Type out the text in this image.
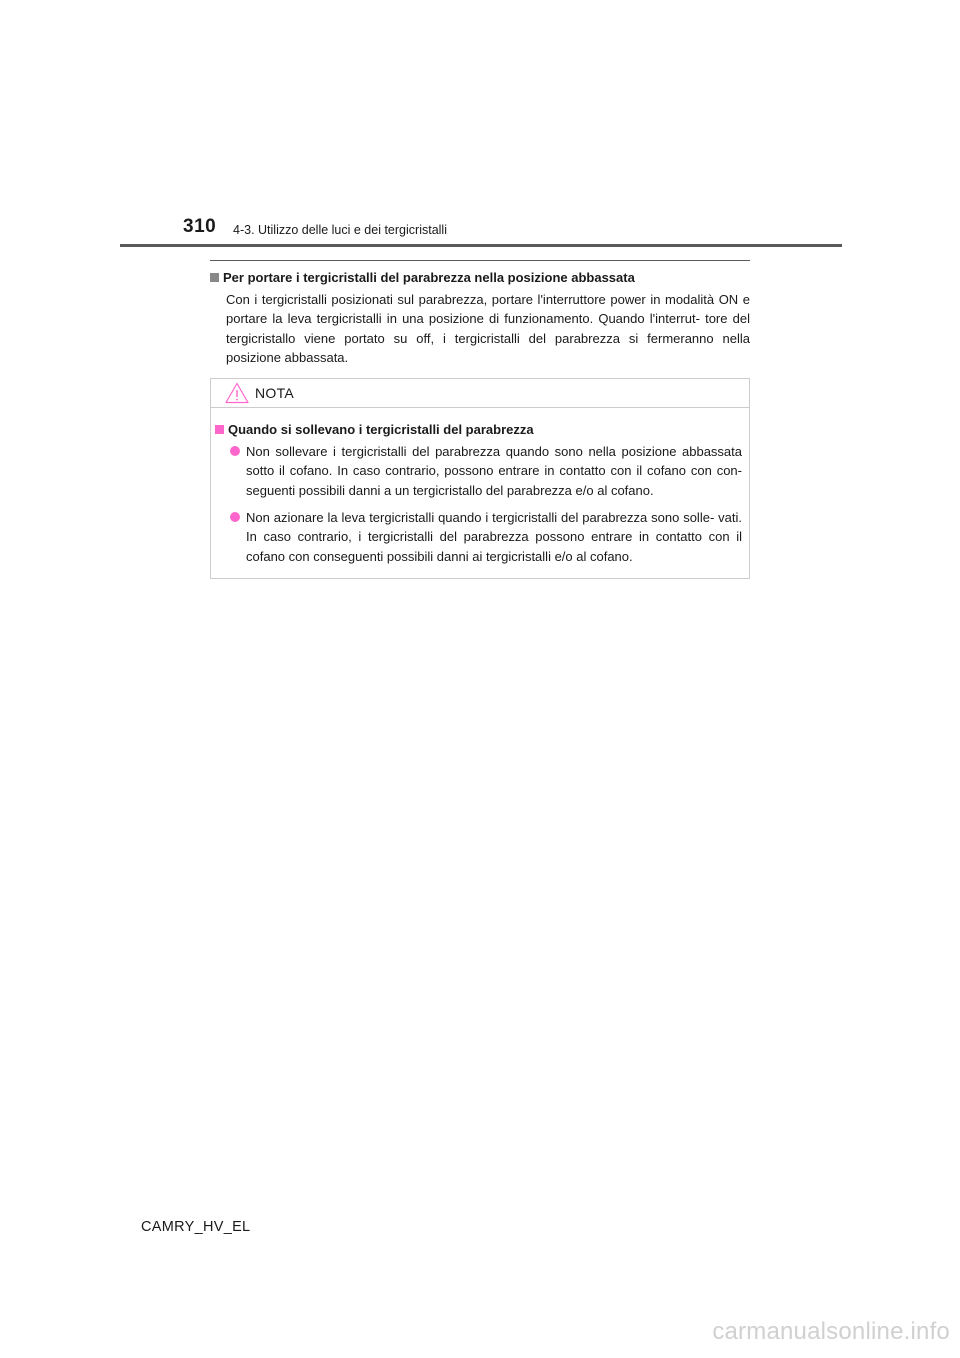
310 4-3. Utilizzo delle luci e dei tergicristalli
Per portare i tergicristalli del parabrezza nella posizione abbassata

Con i tergicristalli posizionati sul parabrezza, portare l'interruttore power in modalità ON e portare la leva tergicristalli in una posizione di funzionamento. Quando l'interrut- tore del tergicristallo viene portato su off, i tergicristalli del parabrezza si fermeranno nella posizione abbassata.

NOTA
Quando si sollevano i tergicristalli del parabrezza
Non sollevare i tergicristalli del parabrezza quando sono nella posizione abbassata sotto il cofano. In caso contrario, possono entrare in contatto con il cofano con con- seguenti possibili danni a un tergicristallo del parabrezza e/o al cofano.
Non azionare la leva tergicristalli quando i tergicristalli del parabrezza sono solle- vati. In caso contrario, i tergicristalli del parabrezza possono entrare in contatto con il cofano con conseguenti possibili danni ai tergicristalli e/o al cofano.
CAMRY_HV_EL
carmanualsonline.info
